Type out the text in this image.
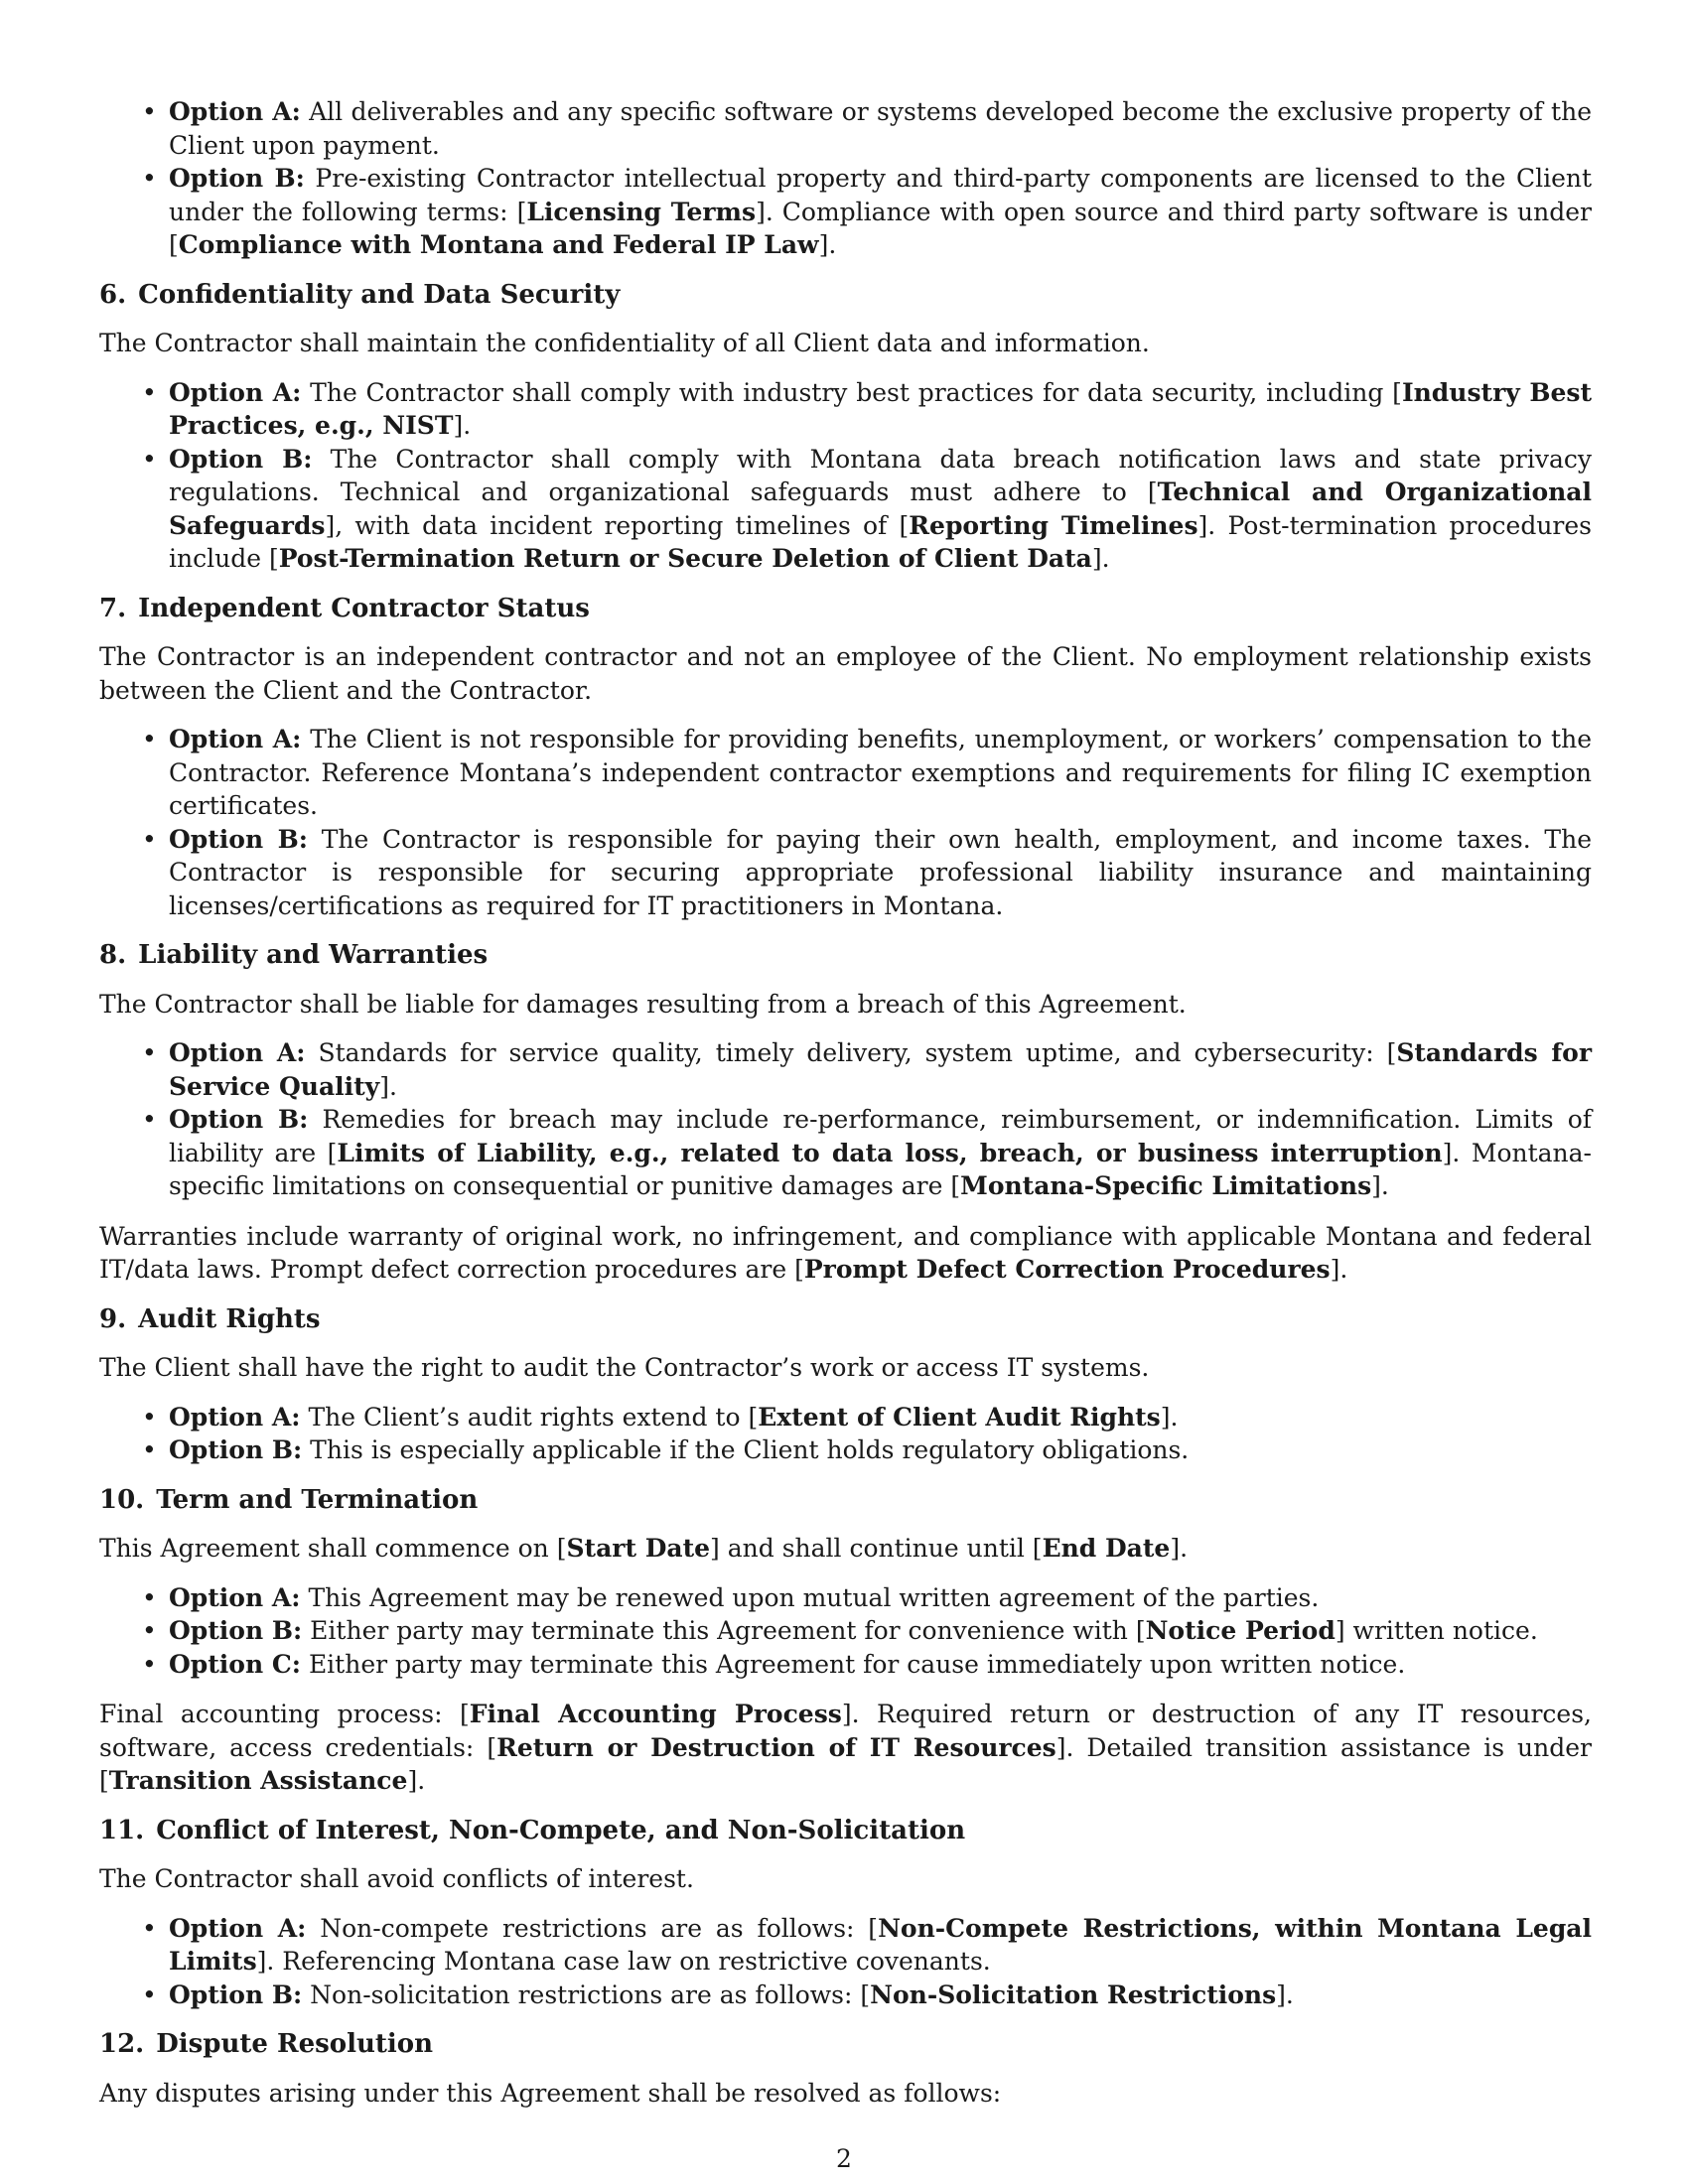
• Option A: All deliverables and any specific software or systems developed become the exclusive property of the Client upon payment.
• Option B: Pre-existing Contractor intellectual property and third-party components are licensed to the Client under the following terms: [Licensing Terms]. Compliance with open source and third party software is under [Compliance with Montana and Federal IP Law].
6. Confidentiality and Data Security

The Contractor shall maintain the confidentiality of all Client data and information.

• Option A: The Contractor shall comply with industry best practices for data security, including [Industry Best Practices, e.g., NIST].
• Option B: The Contractor shall comply with Montana data breach notification laws and state privacy regulations. Technical and organizational safeguards must adhere to [Technical and Organizational Safeguards], with data incident reporting timelines of [Reporting Timelines]. Post-termination procedures include [Post-Termination Return or Secure Deletion of Client Data].
7. Independent Contractor Status

The Contractor is an independent contractor and not an employee of the Client. No employment relationship exists between the Client and the Contractor.

• Option A: The Client is not responsible for providing benefits, unemployment, or workers’ compensation to the Contractor. Reference Montana’s independent contractor exemptions and requirements for filing IC exemption certificates.
• Option B: The Contractor is responsible for paying their own health, employment, and income taxes. The Contractor is responsible for securing appropriate professional liability insurance and maintaining licenses/certifications as required for IT practitioners in Montana.
8. Liability and Warranties

The Contractor shall be liable for damages resulting from a breach of this Agreement.

• Option A: Standards for service quality, timely delivery, system uptime, and cybersecurity: [Standards for Service Quality].
• Option B: Remedies for breach may include re-performance, reimbursement, or indemnification. Limits of liability are [Limits of Liability, e.g., related to data loss, breach, or business interruption]. Montana-specific limitations on consequential or punitive damages are [Montana-Specific Limitations].

Warranties include warranty of original work, no infringement, and compliance with applicable Montana and federal IT/data laws. Prompt defect correction procedures are [Prompt Defect Correction Procedures].

9. Audit Rights

The Client shall have the right to audit the Contractor’s work or access IT systems.

• Option A: The Client’s audit rights extend to [Extent of Client Audit Rights].
• Option B: This is especially applicable if the Client holds regulatory obligations.
10. Term and Termination

This Agreement shall commence on [Start Date] and shall continue until [End Date].

• Option A: This Agreement may be renewed upon mutual written agreement of the parties.
• Option B: Either party may terminate this Agreement for convenience with [Notice Period] written notice.
• Option C: Either party may terminate this Agreement for cause immediately upon written notice.

Final accounting process: [Final Accounting Process]. Required return or destruction of any IT resources, software, access credentials: [Return or Destruction of IT Resources]. Detailed transition assistance is under [Transition Assistance].

11. Conflict of Interest, Non-Compete, and Non-Solicitation

The Contractor shall avoid conflicts of interest.

• Option A: Non-compete restrictions are as follows: [Non-Compete Restrictions, within Montana Legal Limits]. Referencing Montana case law on restrictive covenants.
• Option B: Non-solicitation restrictions are as follows: [Non-Solicitation Restrictions].
12. Dispute Resolution

Any disputes arising under this Agreement shall be resolved as follows:

2
